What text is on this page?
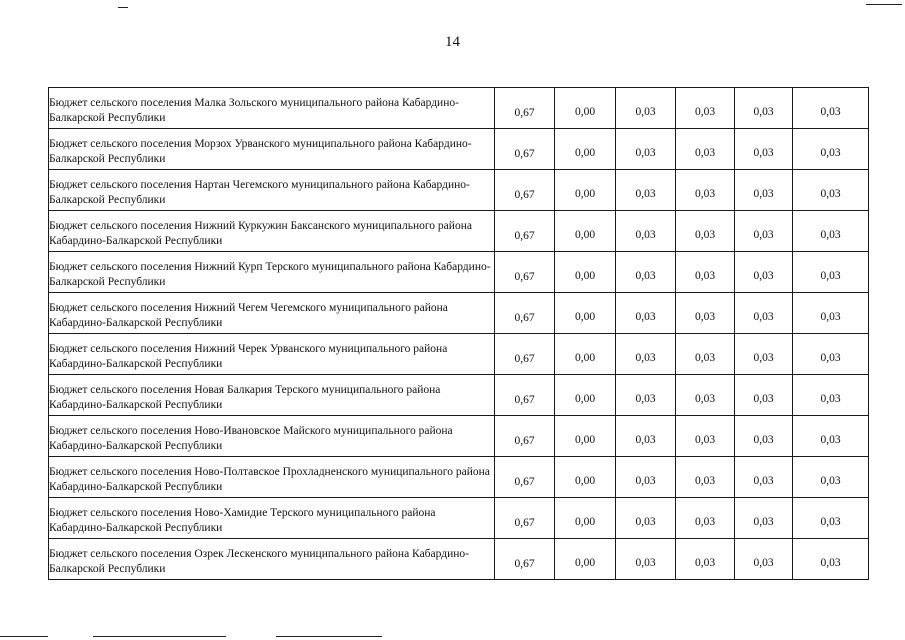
14
Бюджет сельского поселения Малка Зольского муниципального района Кабардино-Балкарской Республики	0,67	0,00	0,03	0,03	0,03	0,03

Бюджет сельского поселения Морзох Урванского муниципального района Кабардино-Балкарской Республики	0,67	0,00	0,03	0,03	0,03	0,03

Бюджет сельского поселения Нартан Чегемского муниципального района Кабардино-Балкарской Республики	0,67	0,00	0,03	0,03	0,03	0,03

Бюджет сельского поселения Нижний Куркужин Баксанского муниципального района Кабардино-Балкарской Республики	0,67	0,00	0,03	0,03	0,03	0,03

Бюджет сельского поселения Нижний Курп Терского муниципального района Кабардино-Балкарской Республики	0,67	0,00	0,03	0,03	0,03	0,03

Бюджет сельского поселения Нижний Чегем Чегемского муниципального района Кабардино-Балкарской Республики	0,67	0,00	0,03	0,03	0,03	0,03

Бюджет сельского поселения Нижний Черек Урванского муниципального района Кабардино-Балкарской Республики	0,67	0,00	0,03	0,03	0,03	0,03

Бюджет сельского поселения Новая Балкария Терского муниципального района Кабардино-Балкарской Республики	0,67	0,00	0,03	0,03	0,03	0,03

Бюджет сельского поселения Ново-Ивановское Майского муниципального района Кабардино-Балкарской Республики	0,67	0,00	0,03	0,03	0,03	0,03

Бюджет сельского поселения Ново-Полтавское Прохладненского муниципального района Кабардино-Балкарской Республики	0,67	0,00	0,03	0,03	0,03	0,03

Бюджет сельского поселения Ново-Хамидие Терского муниципального района Кабардино-Балкарской Республики	0,67	0,00	0,03	0,03	0,03	0,03

Бюджет сельского поселения Озрек Лескенского муниципального района Кабардино-Балкарской Республики	0,67	0,00	0,03	0,03	0,03	0,03
